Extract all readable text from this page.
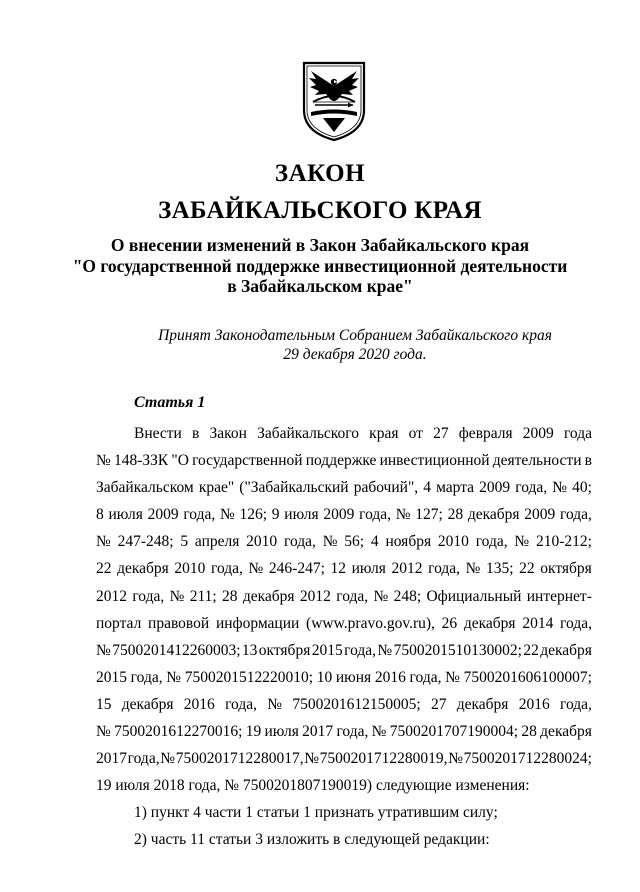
ЗАКОН
ЗАБАЙКАЛЬСКОГО КРАЯ
О внесении изменений в Закон Забайкальского края
"О государственной поддержке инвестиционной деятельности
в Забайкальском крае"
Принят Законодательным Собранием Забайкальского края
29 декабря 2020 года.
Статья 1
Внести в Закон Забайкальского края от 27 февраля 2009 года
№ 148-ЗЗК "О государственной поддержке инвестиционной деятельности в
Забайкальском крае" ("Забайкальский рабочий", 4 марта 2009 года, № 40;
8 июля 2009 года, № 126; 9 июля 2009 года, № 127; 28 декабря 2009 года,
№ 247-248; 5 апреля 2010 года, № 56; 4 ноября 2010 года, № 210-212;
22 декабря 2010 года, № 246-247; 12 июля 2012 года, № 135; 22 октября
2012 года, № 211; 28 декабря 2012 года, № 248; Официальный интернет-
портал правовой информации (www.pravo.gov.ru), 26 декабря 2014 года,
№ 7500201412260003; 13 октября 2015 года, № 7500201510130002; 22 декабря
2015 года, № 7500201512220010; 10 июня 2016 года, № 7500201606100007;
15 декабря 2016 года, № 7500201612150005; 27 декабря 2016 года,
№ 7500201612270016; 19 июля 2017 года, № 7500201707190004; 28 декабря
2017 года, № 7500201712280017, № 7500201712280019, № 7500201712280024;
19 июля 2018 года, № 7500201807190019) следующие изменения:
1) пункт 4 части 1 статьи 1 признать утратившим силу;
2) часть 11 статьи 3 изложить в следующей редакции:
